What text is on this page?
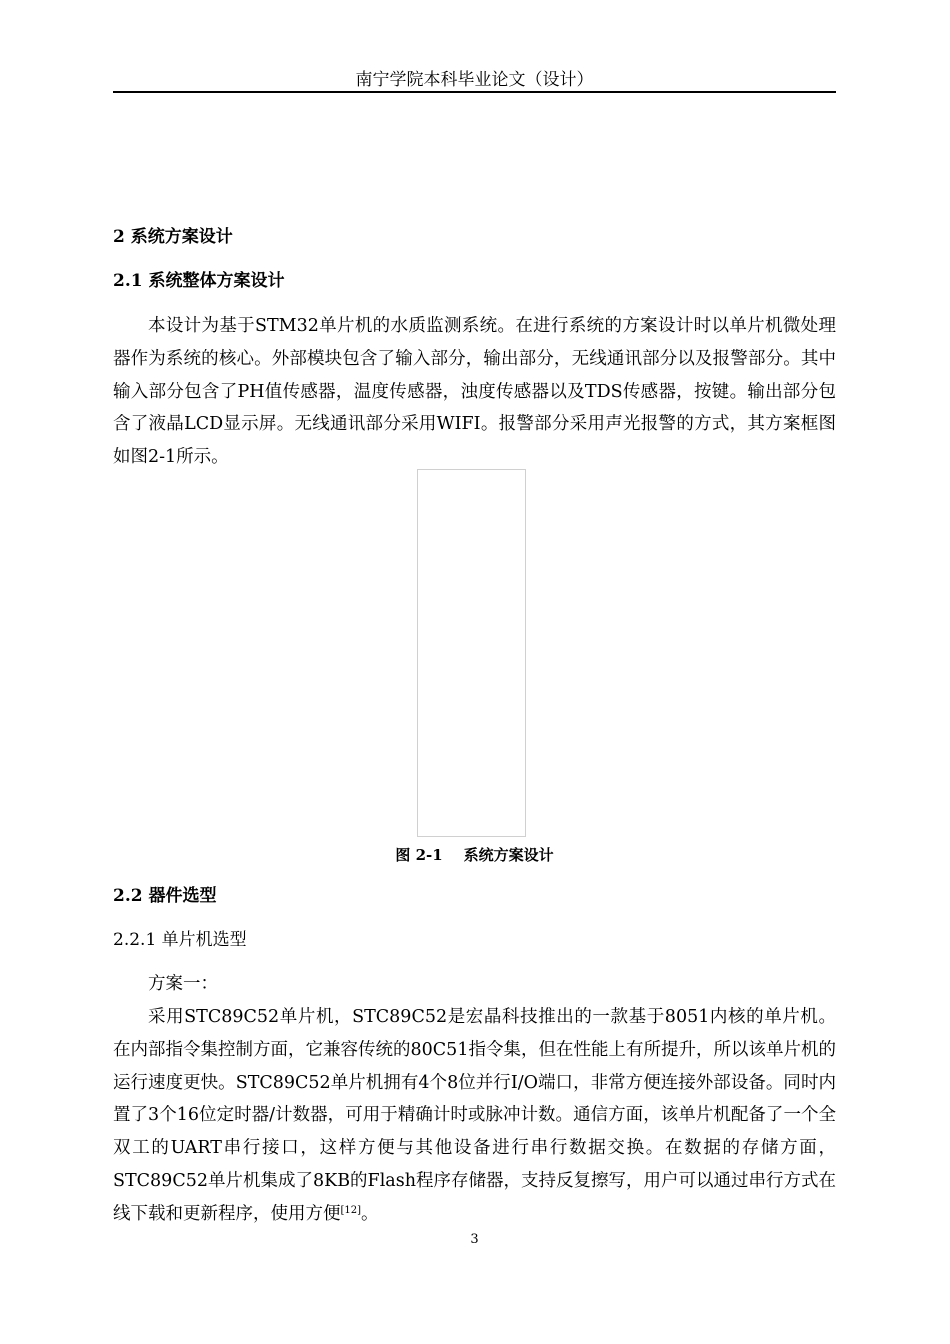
南宁学院本科毕业论文（设计）
2 系统方案设计
2.1 系统整体方案设计

本设计为基于STM32单片机的水质监测系统。在进行系统的方案设计时以单片机微处理器作为系统的核心。外部模块包含了输入部分，输出部分，无线通讯部分以及报警部分。其中输入部分包含了PH值传感器，温度传感器，浊度传感器以及TDS传感器，按键。输出部分包含了液晶LCD显示屏。无线通讯部分采用WIFI。报警部分采用声光报警的方式，其方案框图如图2-1所示。

图 2-1    系统方案设计
2.2 器件选型
2.2.1 单片机选型
方案一：

采用STC89C52单片机，STC89C52是宏晶科技推出的一款基于8051内核的单片机。在内部指令集控制方面，它兼容传统的80C51指令集，但在性能上有所提升，所以该单片机的运行速度更快。STC89C52单片机拥有4个8位并行I/O端口，非常方便连接外部设备。同时内置了3个16位定时器/计数器，可用于精确计时或脉冲计数。通信方面，该单片机配备了一个全双工的UART串行接口，这样方便与其他设备进行串行数据交换。在数据的存储方面，STC89C52单片机集成了8KB的Flash程序存储器，支持反复擦写，用户可以通过串行方式在线下载和更新程序，使用方便[12]。

3
